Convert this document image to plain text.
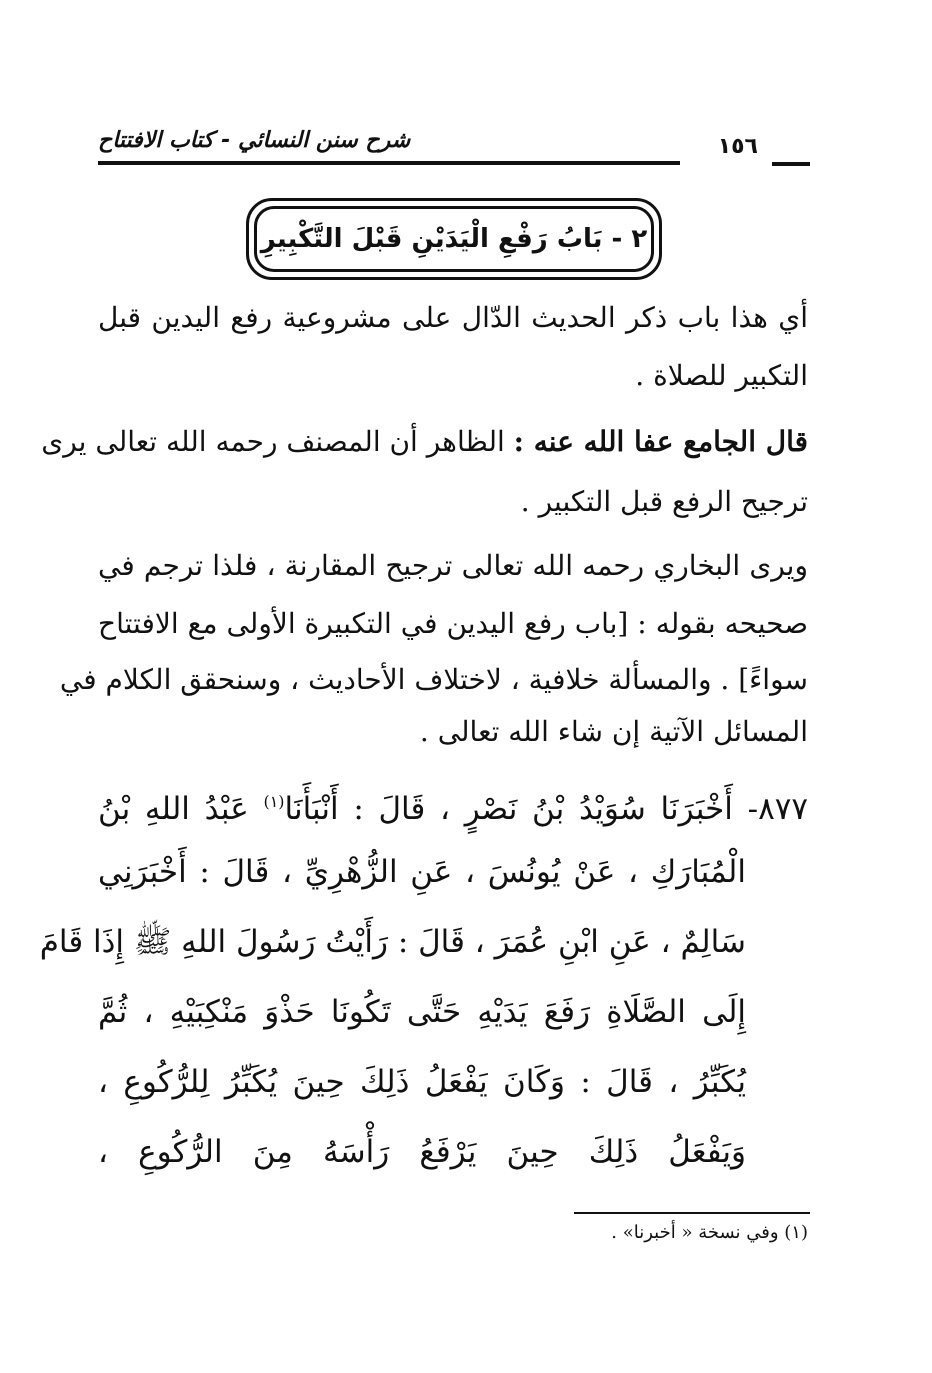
شرح سنن النسائي - كتاب الافتتاح	١٥٦
٢ - بَابُ رَفْعِ الْيَدَيْنِ قَبْلَ التَّكْبِيرِ
أي هذا باب ذكر الحديث الدّال على مشروعية رفع اليدين قبل
التكبير للصلاة .
قال الجامع عفا الله عنه : الظاهر أن المصنف رحمه الله تعالى يرى
ترجيح الرفع قبل التكبير .
ويرى البخاري رحمه الله تعالى ترجيح المقارنة ، فلذا ترجم في
صحيحه بقوله : [باب رفع اليدين في التكبيرة الأولى مع الافتتاح
سواءً] . والمسألة خلافية ، لاختلاف الأحاديث ، وسنحقق الكلام في
المسائل الآتية إن شاء الله تعالى .
٨٧٧- أَخْبَرَنَا سُوَيْدُ بْنُ نَصْرٍ ، قَالَ : أَنْبَأَنَا$^{(١)}$ عَبْدُ اللهِ بْنُ
الْمُبَارَكِ ، عَنْ يُونُسَ ، عَنِ الزُّهْرِيِّ ، قَالَ : أَخْبَرَنِي
سَالِمٌ ، عَنِ ابْنِ عُمَرَ ، قَالَ : رَأَيْتُ رَسُولَ اللهِ ﷺ إِذَا قَامَ
إِلَى الصَّلَاةِ رَفَعَ يَدَيْهِ حَتَّى تَكُونَا حَذْوَ مَنْكِبَيْهِ ، ثُمَّ
يُكَبِّرُ ، قَالَ : وَكَانَ يَفْعَلُ ذَلِكَ حِينَ يُكَبِّرُ لِلرُّكُوعِ ،
وَيَفْعَلُ ذَلِكَ حِينَ يَرْفَعُ رَأْسَهُ مِنَ الرُّكُوعِ ،
(١) وفي نسخة « أخبرنا» .
